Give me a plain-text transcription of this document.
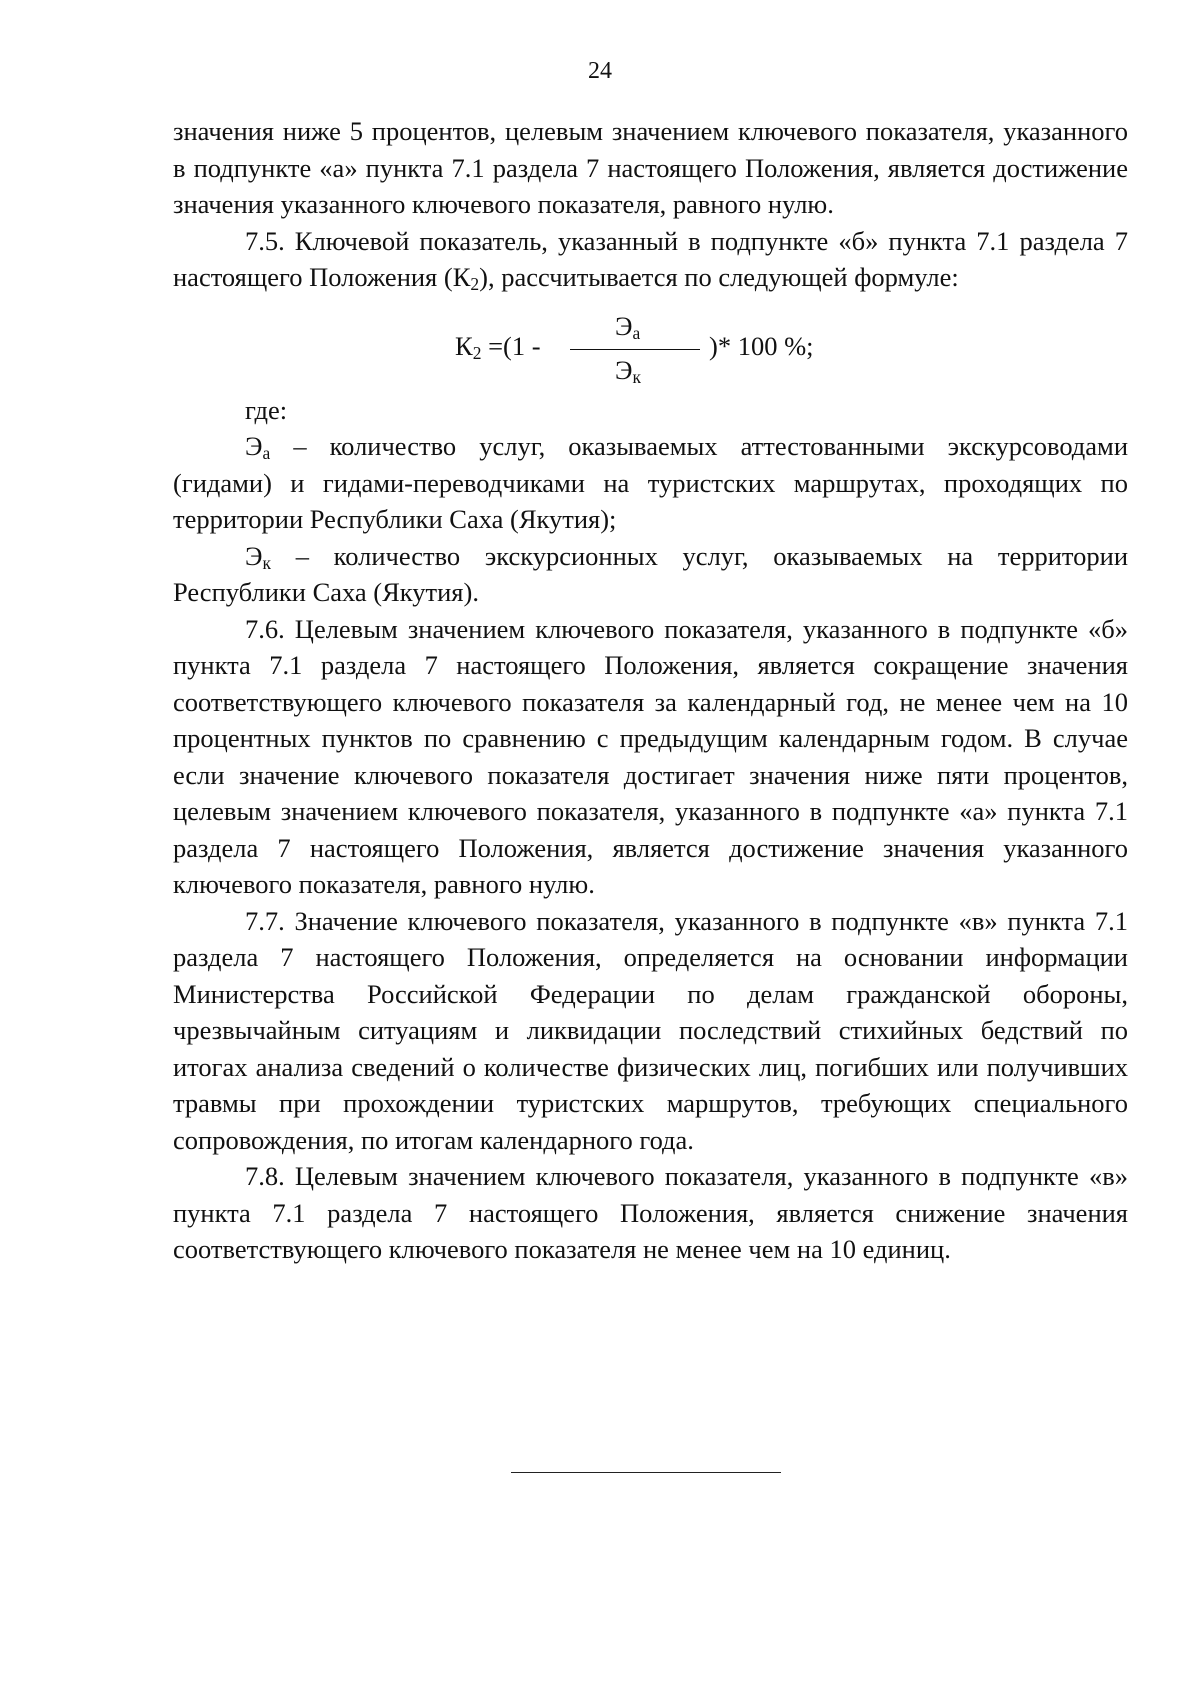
24

значения ниже 5 процентов, целевым значением ключевого показателя, указанного в подпункте «а» пункта 7.1 раздела 7 настоящего Положения, является достижение значения указанного ключевого показателя, равного нулю.

7.5. Ключевой показатель, указанный в подпункте «б» пункта 7.1 раздела 7 настоящего Положения $(К_2)$, рассчитывается по следующей формуле:

$К_2 =(1$ -
$Э_а$
$Э_к$
)* 100 %;

где:

$Э_а$ – количество услуг, оказываемых аттестованными экскурсоводами (гидами) и гидами-переводчиками на туристских маршрутах, проходящих по территории Республики Саха (Якутия);

$Э_к$ – количество экскурсионных услуг, оказываемых на территории Республики Саха (Якутия).

7.6. Целевым значением ключевого показателя, указанного в подпункте «б» пункта 7.1 раздела 7 настоящего Положения, является сокращение значения соответствующего ключевого показателя за календарный год, не менее чем на 10 процентных пунктов по сравнению с предыдущим календарным годом. В случае если значение ключевого показателя достигает значения ниже пяти процентов, целевым значением ключевого показателя, указанного в подпункте «а» пункта 7.1 раздела 7 настоящего Положения, является достижение значения указанного ключевого показателя, равного нулю.

7.7. Значение ключевого показателя, указанного в подпункте «в» пункта 7.1 раздела 7 настоящего Положения, определяется на основании информации Министерства Российской Федерации по делам гражданской обороны, чрезвычайным ситуациям и ликвидации последствий стихийных бедствий по итогах анализа сведений о количестве физических лиц, погибших или получивших травмы при прохождении туристских маршрутов, требующих специального сопровождения, по итогам календарного года.

7.8. Целевым значением ключевого показателя, указанного в подпункте «в» пункта 7.1 раздела 7 настоящего Положения, является снижение значения соответствующего ключевого показателя не менее чем на 10 единиц.
